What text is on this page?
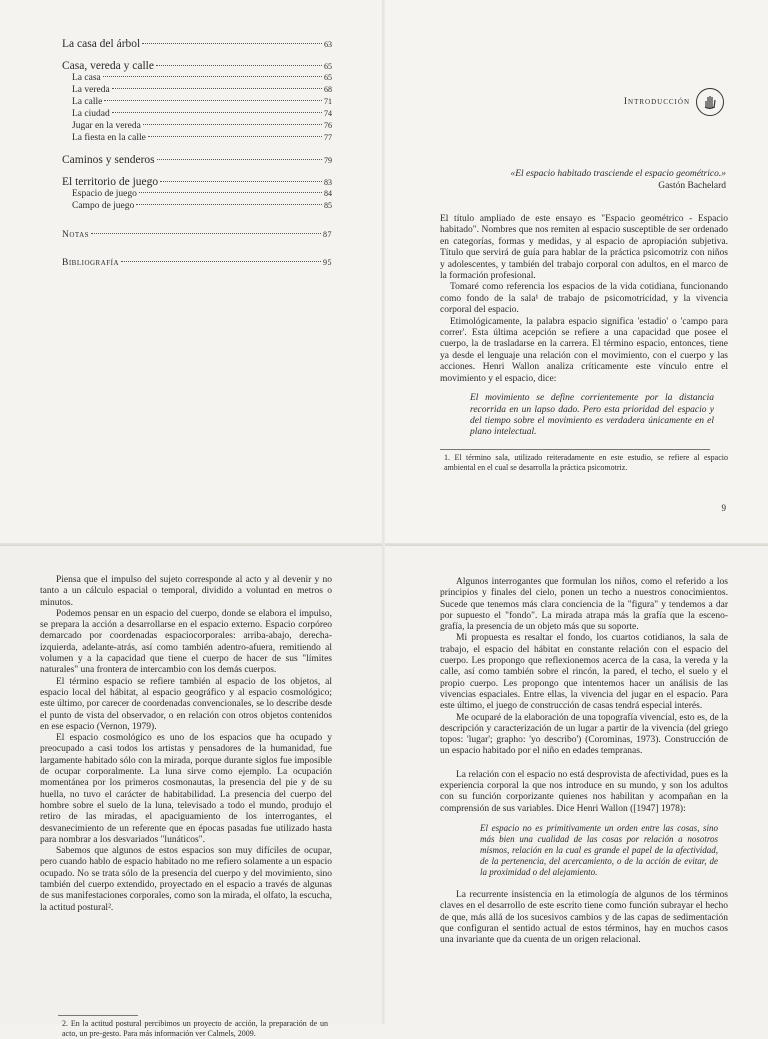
La casa del árbol	63
Casa, vereda y calle	65
La casa	65
La vereda	68
La calle	71
La ciudad	74
Jugar en la vereda	76
La fiesta en la calle	77
Caminos y senderos	79
El territorio de juego	83
Espacio de juego	84
Campo de juego	85
Notas	87
Bibliografía	95
Introducción
«El espacio habitado trasciende el espacio geométrico.»
Gastón Bachelard

El título ampliado de este ensayo es "Espacio geométrico - Espacio habitado". Nombres que nos remiten al espacio susceptible de ser ordenado en categorías, formas y medidas, y al espacio de apropiación subjetiva. Título que servirá de guía para hablar de la práctica psicomotriz con niños y adolescentes, y también del trabajo corporal con adultos, en el marco de la formación profesional.

Tomaré como referencia los espacios de la vida cotidiana, funcionando como fondo de la sala¹ de trabajo de psicomotricidad, y la vivencia corporal del espacio.

Etimológicamente, la palabra espacio significa 'estadio' o 'campo para correr'. Esta última acepción se refiere a una capacidad que posee el cuerpo, la de trasladarse en la carrera. El término espacio, entonces, tiene ya desde el lenguaje una relación con el movimiento, con el cuerpo y las acciones. Henri Wallon analiza críticamente este vínculo entre el movimiento y el espacio, dice:

El movimiento se define corrientemente por la distancia recorrida en un lapso dado. Pero esta prioridad del espacio y del tiempo sobre el movimiento es verdadera únicamente en el plano intelectual.
1. El término sala, utilizado reiteradamente en este estudio, se refiere al espacio ambiental en el cual se desarrolla la práctica psicomotriz.
9

Piensa que el impulso del sujeto corresponde al acto y al devenir y no tanto a un cálculo espacial o temporal, dividido a voluntad en metros o minutos.

Podemos pensar en un espacio del cuerpo, donde se elabora el impulso, se prepara la acción a desarrollarse en el espacio externo. Espacio corpóreo demarcado por coordenadas espaciocorporales: arriba-abajo, derecha-izquierda, adelante-atrás, así como también adentro-afuera, remitiendo al volumen y a la capacidad que tiene el cuerpo de hacer de sus "límites naturales" una frontera de intercambio con los demás cuerpos.

El término espacio se refiere también al espacio de los objetos, al espacio local del hábitat, al espacio geográfico y al espacio cosmológico; este último, por carecer de coordenadas convencionales, se lo describe desde el punto de vista del observador, o en relación con otros objetos contenidos en ese espacio (Vernon, 1979).

El espacio cosmológico es uno de los espacios que ha ocupado y preocupado a casi todos los artistas y pensadores de la humanidad, fue largamente habitado sólo con la mirada, porque durante siglos fue imposible de ocupar corporalmente. La luna sirve como ejemplo. La ocupación momentánea por los primeros cosmonautas, la presencia del pie y de su huella, no tuvo el carácter de habitabilidad. La presencia del cuerpo del hombre sobre el suelo de la luna, televisado a todo el mundo, produjo el retiro de las miradas, el apaciguamiento de los interrogantes, el desvanecimiento de un referente que en épocas pasadas fue utilizado hasta para nombrar a los desvariados "lunáticos".

Sabemos que algunos de estos espacios son muy difíciles de ocupar, pero cuando hablo de espacio habitado no me refiero solamente a un espacio ocupado. No se trata sólo de la presencia del cuerpo y del movimiento, sino también del cuerpo extendido, proyectado en el espacio a través de algunas de sus manifestaciones corporales, como son la mirada, el olfato, la escucha, la actitud postural².

2. En la actitud postural percibimos un proyecto de acción, la preparación de un acto, un pre-gesto. Para más información ver Calmels, 2009.

Algunos interrogantes que formulan los niños, como el referido a los principios y finales del cielo, ponen un techo a nuestros conocimientos. Sucede que tenemos más clara conciencia de la "figura" y tendemos a dar por supuesto el "fondo". La mirada atrapa más la grafía que la esceno-grafía, la presencia de un objeto más que su soporte.

Mi propuesta es resaltar el fondo, los cuartos cotidianos, la sala de trabajo, el espacio del hábitat en constante relación con el espacio del cuerpo. Les propongo que reflexionemos acerca de la casa, la vereda y la calle, así como también sobre el rincón, la pared, el techo, el suelo y el propio cuerpo. Les propongo que intentemos hacer un análisis de las vivencias espaciales. Entre ellas, la vivencia del jugar en el espacio. Para este último, el juego de construcción de casas tendrá especial interés.

Me ocuparé de la elaboración de una topografía vivencial, esto es, de la descripción y caracterización de un lugar a partir de la vivencia (del griego topos: 'lugar'; grapho: 'yo describo') (Corominas, 1973). Construcción de un espacio habitado por el niño en edades tempranas.

La relación con el espacio no está desprovista de afectividad, pues es la experiencia corporal la que nos introduce en su mundo, y son los adultos con su función corporizante quienes nos habilitan y acompañan en la comprensión de sus variables. Dice Henri Wallon ([1947] 1978):

El espacio no es primitivamente un orden entre las cosas, sino más bien una cualidad de las cosas por relación a nosotros mismos, relación en la cual es grande el papel de la afectividad, de la pertenencia, del acercamiento, o de la acción de evitar, de la proximidad o del alejamiento.

La recurrente insistencia en la etimología de algunos de los términos claves en el desarrollo de este escrito tiene como función subrayar el hecho de que, más allá de los sucesivos cambios y de las capas de sedimentación que configuran el sentido actual de estos términos, hay en muchos casos una invariante que da cuenta de un origen relacional.
